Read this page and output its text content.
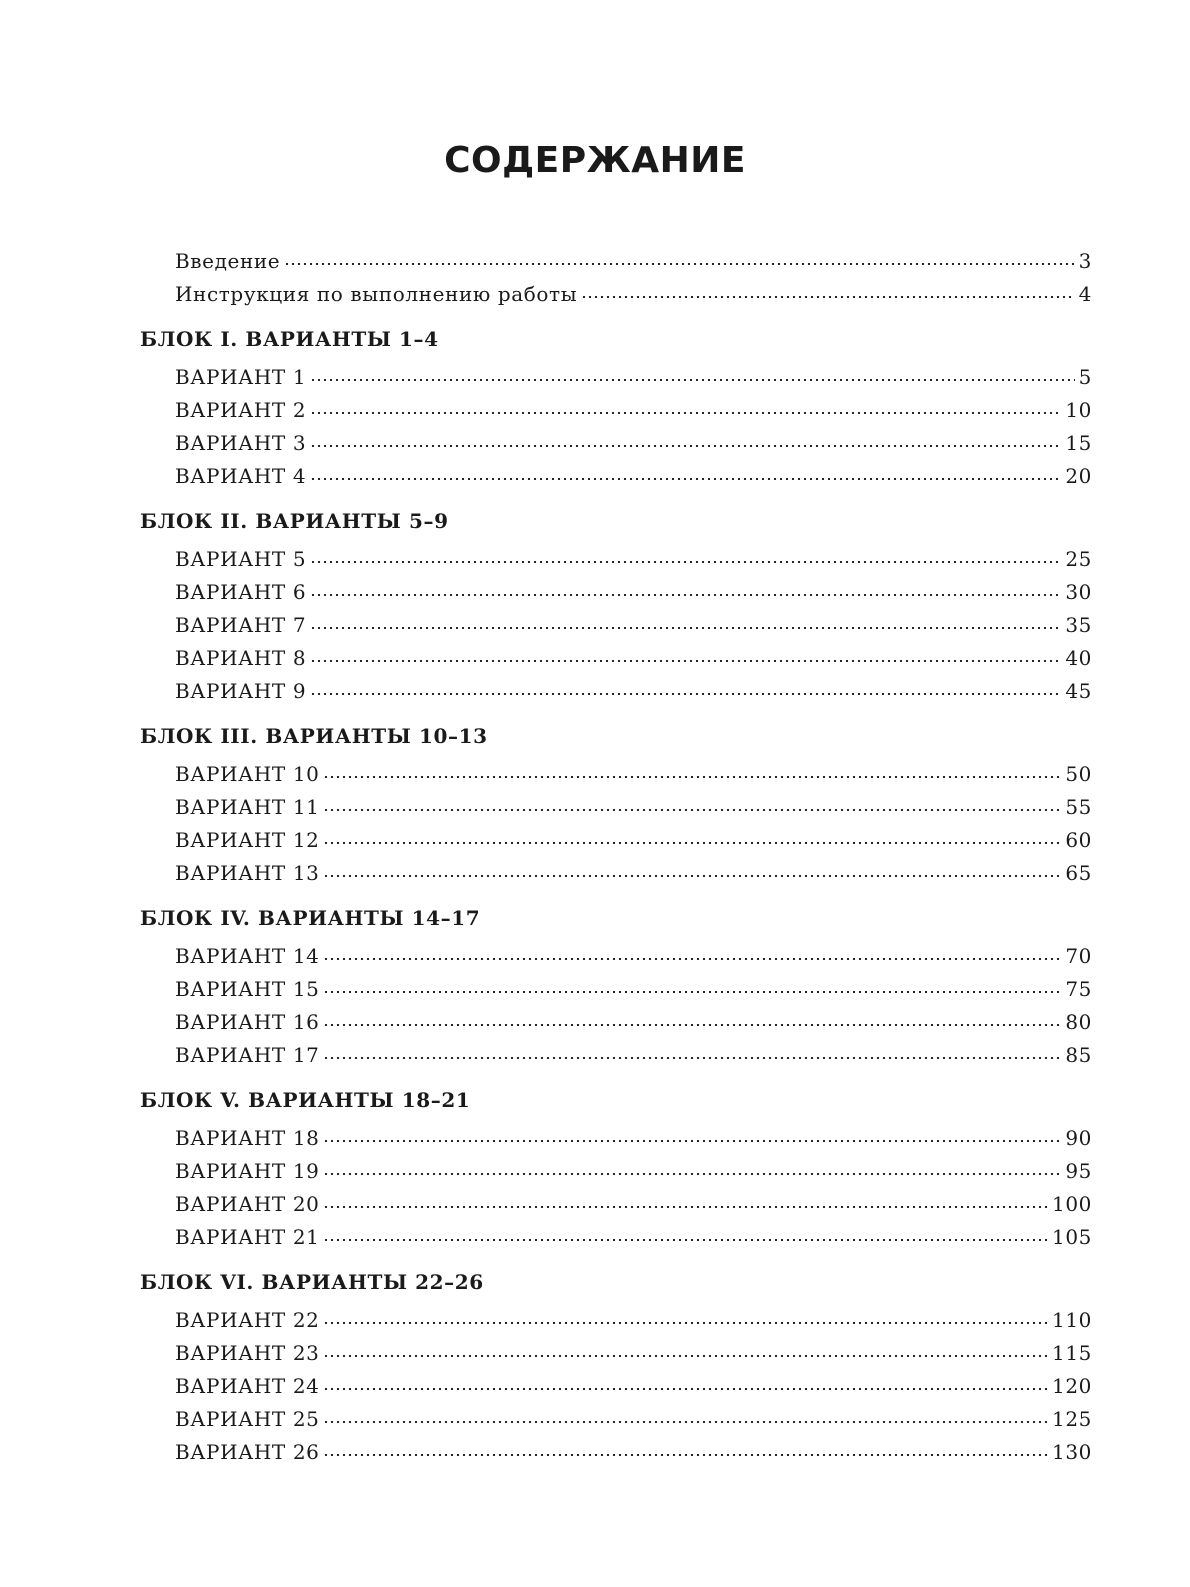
СОДЕРЖАНИЕ
Введение	3
Инструкция по выполнению работы	4
БЛОК I. ВАРИАНТЫ 1–4
ВАРИАНТ 1	5
ВАРИАНТ 2	10
ВАРИАНТ 3	15
ВАРИАНТ 4	20
БЛОК II. ВАРИАНТЫ 5–9
ВАРИАНТ 5	25
ВАРИАНТ 6	30
ВАРИАНТ 7	35
ВАРИАНТ 8	40
ВАРИАНТ 9	45
БЛОК III. ВАРИАНТЫ 10–13
ВАРИАНТ 10	50
ВАРИАНТ 11	55
ВАРИАНТ 12	60
ВАРИАНТ 13	65
БЛОК IV. ВАРИАНТЫ 14–17
ВАРИАНТ 14	70
ВАРИАНТ 15	75
ВАРИАНТ 16	80
ВАРИАНТ 17	85
БЛОК V. ВАРИАНТЫ 18–21
ВАРИАНТ 18	90
ВАРИАНТ 19	95
ВАРИАНТ 20	100
ВАРИАНТ 21	105
БЛОК VI. ВАРИАНТЫ 22–26
ВАРИАНТ 22	110
ВАРИАНТ 23	115
ВАРИАНТ 24	120
ВАРИАНТ 25	125
ВАРИАНТ 26	130
